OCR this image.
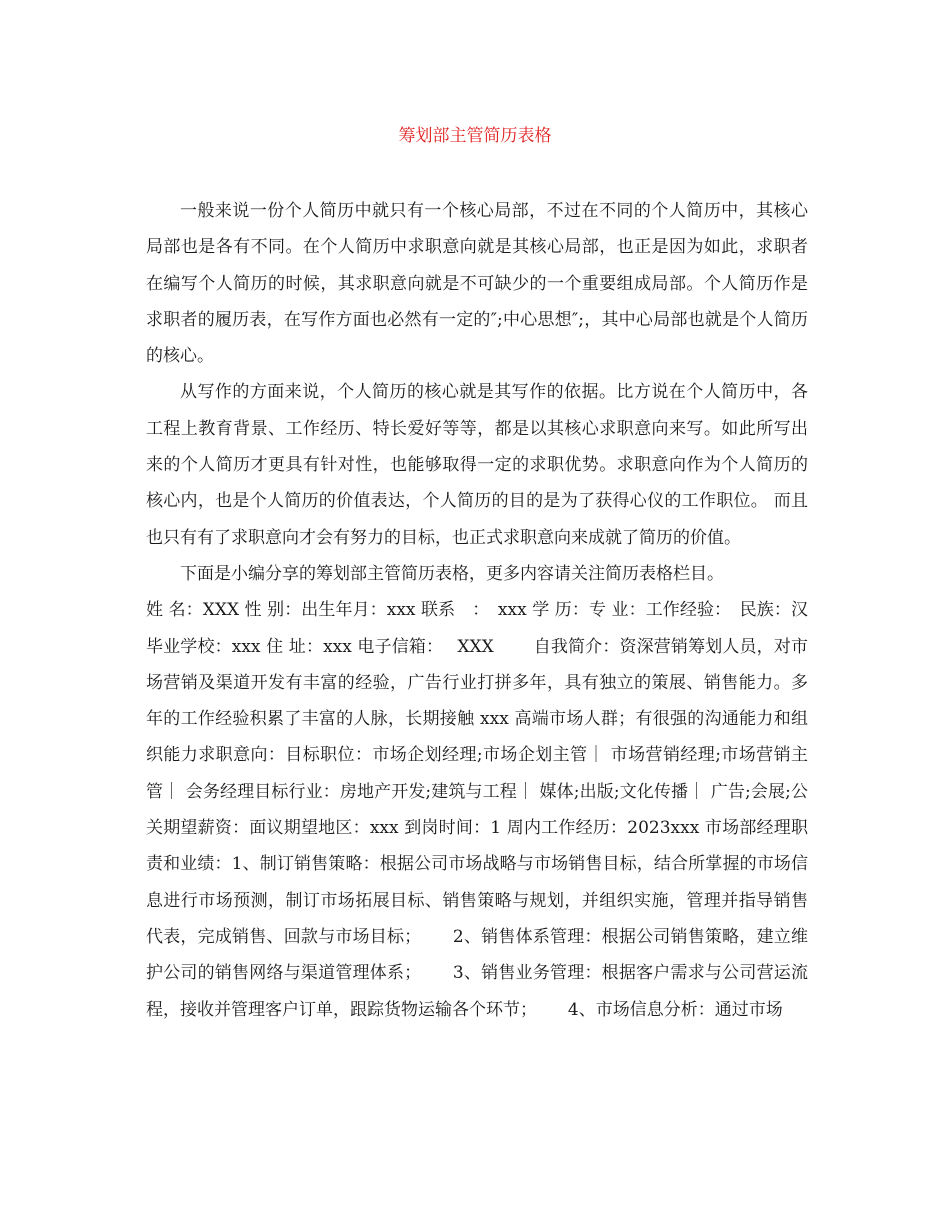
筹划部主管简历表格

一般来说一份个人简历中就只有一个核心局部，不过在不同的个人简历中，其核心局部也是各有不同。在个人简历中求职意向就是其核心局部，也正是因为如此，求职者在编写个人简历的时候，其求职意向就是不可缺少的一个重要组成局部。个人简历作是求职者的履历表，在写作方面也必然有一定的″;中心思想″;，其中心局部也就是个人简历的核心。

从写作的方面来说，个人简历的核心就是其写作的依据。比方说在个人简历中，各工程上教育背景、工作经历、特长爱好等等，都是以其核心求职意向来写。如此所写出来的个人简历才更具有针对性，也能够取得一定的求职优势。求职意向作为个人简历的核心内，也是个人简历的价值表达，个人简历的目的是为了获得心仪的工作职位。 而且也只有有了求职意向才会有努力的目标，也正式求职意向来成就了简历的价值。

下面是小编分享的筹划部主管简历表格，更多内容请关注简历表格栏目。

姓 名：XXX 性 别：出生年月：xxx 联系　：　xxx 学 历：专 业：工作经验：　民族：汉毕业学校：xxx 住 址：xxx 电子信箱：　 XXX　　 自我简介：资深营销筹划人员，对市场营销及渠道开发有丰富的经验，广告行业打拼多年，具有独立的策展、销售能力。多年的工作经验积累了丰富的人脉，长期接触 xxx 高端市场人群；有很强的沟通能力和组织能力求职意向：目标职位：市场企划经理;市场企划主管｜ 市场营销经理;市场营销主管｜ 会务经理目标行业：房地产开发;建筑与工程｜ 媒体;出版;文化传播｜ 广告;会展;公关期望薪资：面议期望地区：xxx 到岗时间：1 周内工作经历：2023xxx 市场部经理职责和业绩：1、制订销售策略：根据公司市场战略与市场销售目标，结合所掌握的市场信息进行市场预测，制订市场拓展目标、销售策略与规划，并组织实施，管理并指导销售代表，完成销售、回款与市场目标；　　 2、销售体系管理：根据公司销售策略，建立维护公司的销售网络与渠道管理体系；　　 3、销售业务管理：根据客户需求与公司营运流程，接收并管理客户订单，跟踪货物运输各个环节；　　 4、市场信息分析：通过市场
